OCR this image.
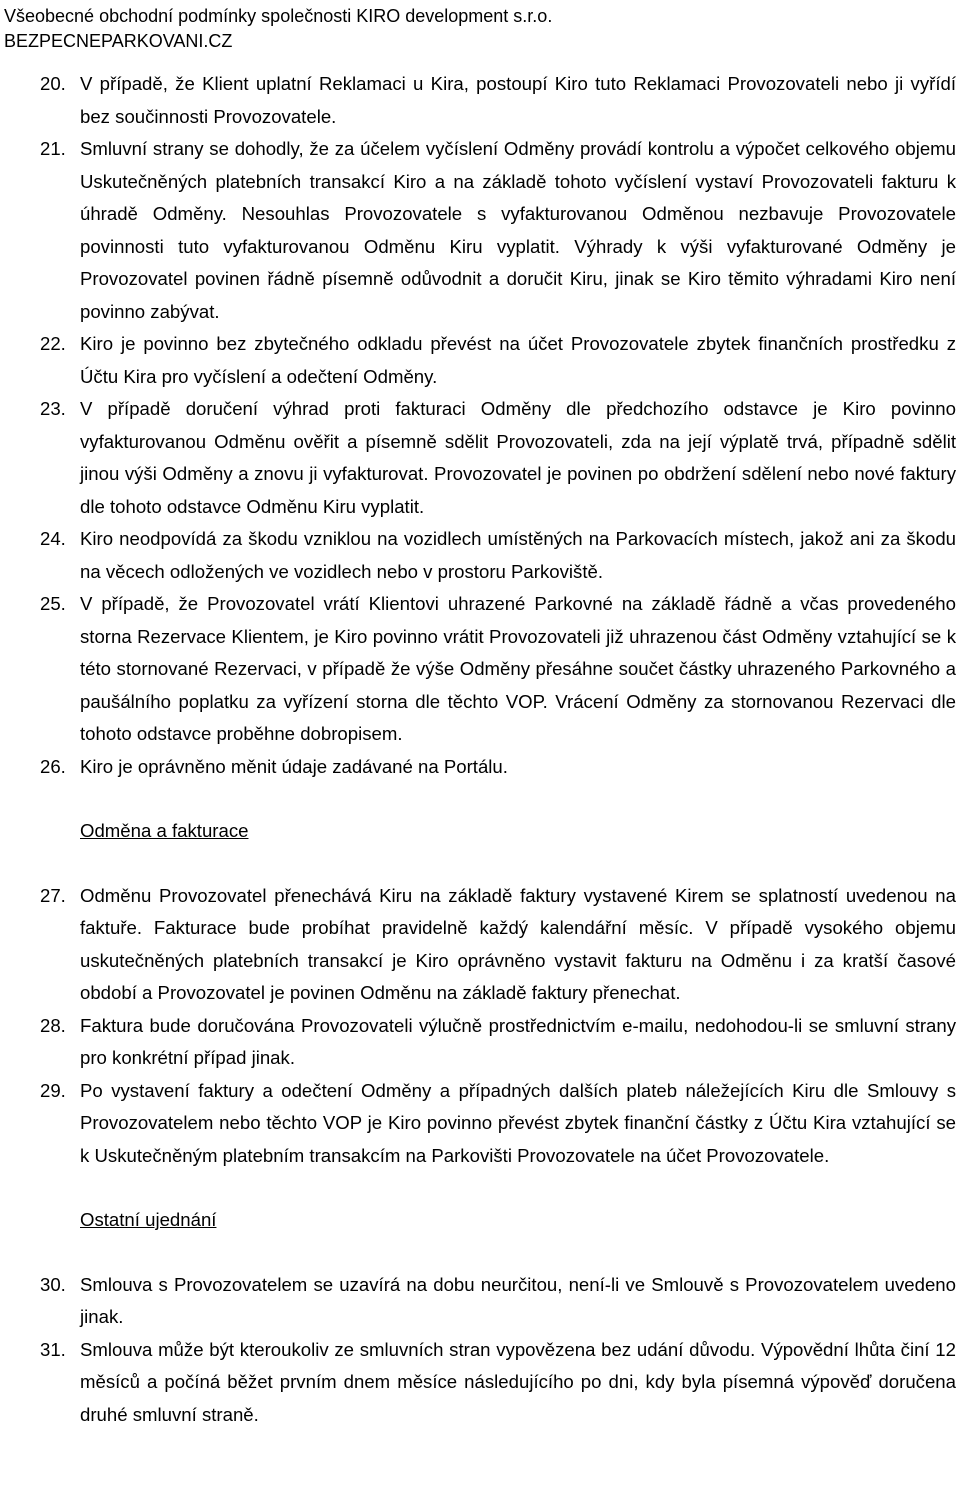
Všeobecné obchodní podmínky společnosti KIRO development s.r.o.
BEZPECNEPARKOVANI.CZ
20. V případě, že Klient uplatní Reklamaci u Kira, postoupí Kiro tuto Reklamaci Provozovateli nebo ji vyřídí bez součinnosti Provozovatele.
21. Smluvní strany se dohodly, že za účelem vyčíslení Odměny provádí kontrolu a výpočet celkového objemu Uskutečněných platebních transakcí Kiro a na základě tohoto vyčíslení vystaví Provozovateli fakturu k úhradě Odměny. Nesouhlas Provozovatele s vyfakturovanou Odměnou nezbavuje Provozovatele povinnosti tuto vyfakturovanou Odměnu Kiru vyplatit. Výhrady k výši vyfakturované Odměny je Provozovatel povinen řádně písemně odůvodnit a doručit Kiru, jinak se Kiro těmito výhradami Kiro není povinno zabývat.
22. Kiro je povinno bez zbytečného odkladu převést na účet Provozovatele zbytek finančních prostředku z Účtu Kira pro vyčíslení a odečtení Odměny.
23. V případě doručení výhrad proti fakturaci Odměny dle předchozího odstavce je Kiro povinno vyfakturovanou Odměnu ověřit a písemně sdělit Provozovateli, zda na její výplatě trvá, případně sdělit jinou výši Odměny a znovu ji vyfakturovat. Provozovatel je povinen po obdržení sdělení nebo nové faktury dle tohoto odstavce Odměnu Kiru vyplatit.
24. Kiro neodpovídá za škodu vzniklou na vozidlech umístěných na Parkovacích místech, jakož ani za škodu na věcech odložených ve vozidlech nebo v prostoru Parkoviště.
25. V případě, že Provozovatel vrátí Klientovi uhrazené Parkovné na základě řádně a včas provedeného storna Rezervace Klientem, je Kiro povinno vrátit Provozovateli již uhrazenou část Odměny vztahující se k této stornované Rezervaci, v případě že výše Odměny přesáhne součet částky uhrazeného Parkovného a paušálního poplatku za vyřízení storna dle těchto VOP. Vrácení Odměny za stornovanou Rezervaci dle tohoto odstavce proběhne dobropisem.
26. Kiro je oprávněno měnit údaje zadávané na Portálu.
Odměna a fakturace
27. Odměnu Provozovatel přenechává Kiru na základě faktury vystavené Kirem se splatností uvedenou na faktuře. Fakturace bude probíhat pravidelně každý kalendářní měsíc. V případě vysokého objemu uskutečněných platebních transakcí je Kiro oprávněno vystavit fakturu na Odměnu i za kratší časové období a Provozovatel je povinen Odměnu na základě faktury přenechat.
28. Faktura bude doručována Provozovateli výlučně prostřednictvím e-mailu, nedohodou-li se smluvní strany pro konkrétní případ jinak.
29. Po vystavení faktury a odečtení Odměny a případných dalších plateb náležejících Kiru dle Smlouvy s Provozovatelem nebo těchto VOP je Kiro povinno převést zbytek finanční částky z Účtu Kira vztahující se k Uskutečněným platebním transakcím na Parkovišti Provozovatele na účet Provozovatele.
Ostatní ujednání
30. Smlouva s Provozovatelem se uzavírá na dobu neurčitou, není-li ve Smlouvě s Provozovatelem uvedeno jinak.
31. Smlouva může být kteroukoliv ze smluvních stran vypovězena bez udání důvodu. Výpovědní lhůta činí 12 měsíců a počíná běžet prvním dnem měsíce následujícího po dni, kdy byla písemná výpověď doručena druhé smluvní straně.
